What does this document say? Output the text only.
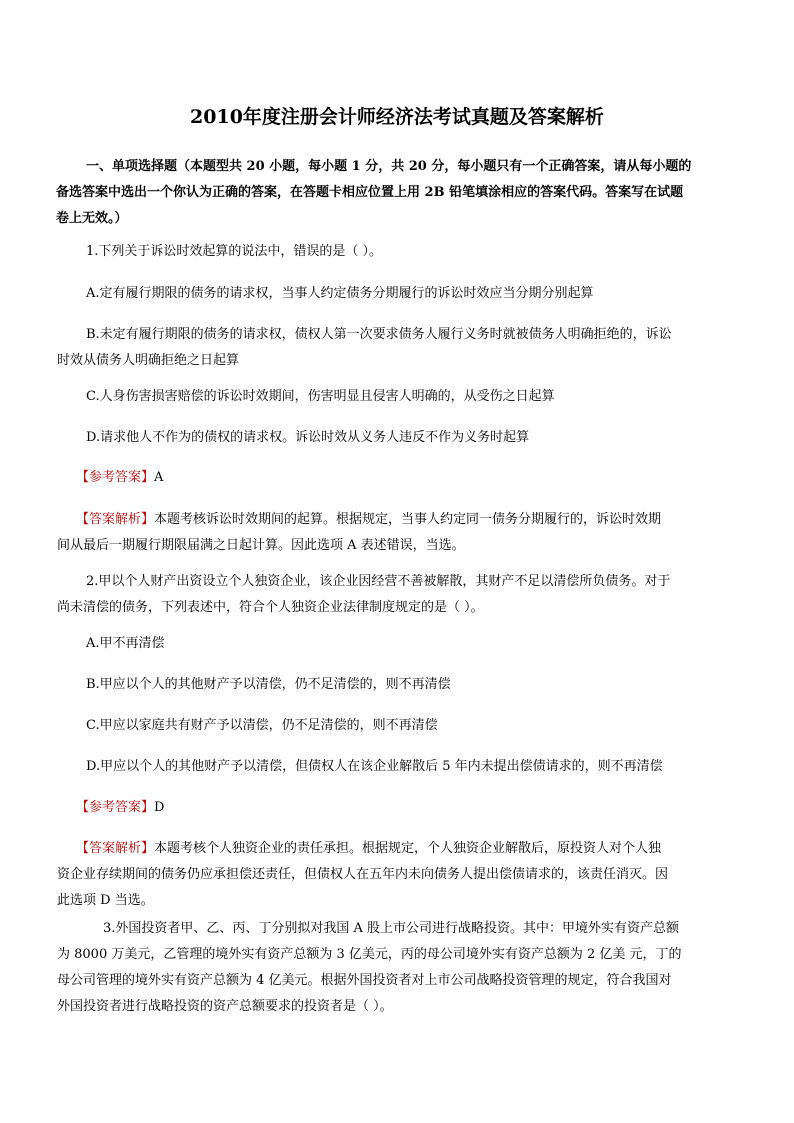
2010年度注册会计师经济法考试真题及答案解析
一、单项选择题（本题型共 20 小题，每小题 1 分，共 20 分，每小题只有一个正确答案，请从每小题的
备选答案中选出一个你认为正确的答案，在答题卡相应位置上用 2B 铅笔填涂相应的答案代码。答案写在试题
卷上无效。）
1.下列关于诉讼时效起算的说法中，错误的是（ ）。
A.定有履行期限的债务的请求权，当事人约定债务分期履行的诉讼时效应当分期分别起算
B.未定有履行期限的债务的请求权，债权人第一次要求债务人履行义务时就被债务人明确拒绝的，诉讼
时效从债务人明确拒绝之日起算
C.人身伤害损害赔偿的诉讼时效期间，伤害明显且侵害人明确的，从受伤之日起算
D.请求他人不作为的债权的请求权。诉讼时效从义务人违反不作为义务时起算
【参考答案】A
【答案解析】本题考核诉讼时效期间的起算。根据规定，当事人约定同一债务分期履行的，诉讼时效期
间从最后一期履行期限届满之日起计算。因此选项 A 表述错误，当选。
2.甲以个人财产出资设立个人独资企业，该企业因经营不善被解散，其财产不足以清偿所负债务。对于
尚未清偿的债务，下列表述中，符合个人独资企业法律制度规定的是（ ）。
A.甲不再清偿
B.甲应以个人的其他财产予以清偿，仍不足清偿的，则不再清偿
C.甲应以家庭共有财产予以清偿，仍不足清偿的，则不再清偿
D.甲应以个人的其他财产予以清偿，但债权人在该企业解散后 5 年内未提出偿债请求的，则不再清偿
【参考答案】D
【答案解析】本题考核个人独资企业的责任承担。根据规定，个人独资企业解散后，原投资人对个人独
资企业存续期间的债务仍应承担偿还责任，但债权人在五年内未向债务人提出偿债请求的，该责任消灭。因
此选项 D 当选。
3.外国投资者甲、乙、丙、丁分别拟对我国 A 股上市公司进行战略投资。其中：甲境外实有资产总额
为 8000 万美元，乙管理的境外实有资产总额为 3 亿美元，丙的母公司境外实有资产总额为 2 亿美 元，丁的
母公司管理的境外实有资产总额为 4 亿美元。根据外国投资者对上市公司战略投资管理的规定，符合我国对
外国投资者进行战略投资的资产总额要求的投资者是（ ）。
